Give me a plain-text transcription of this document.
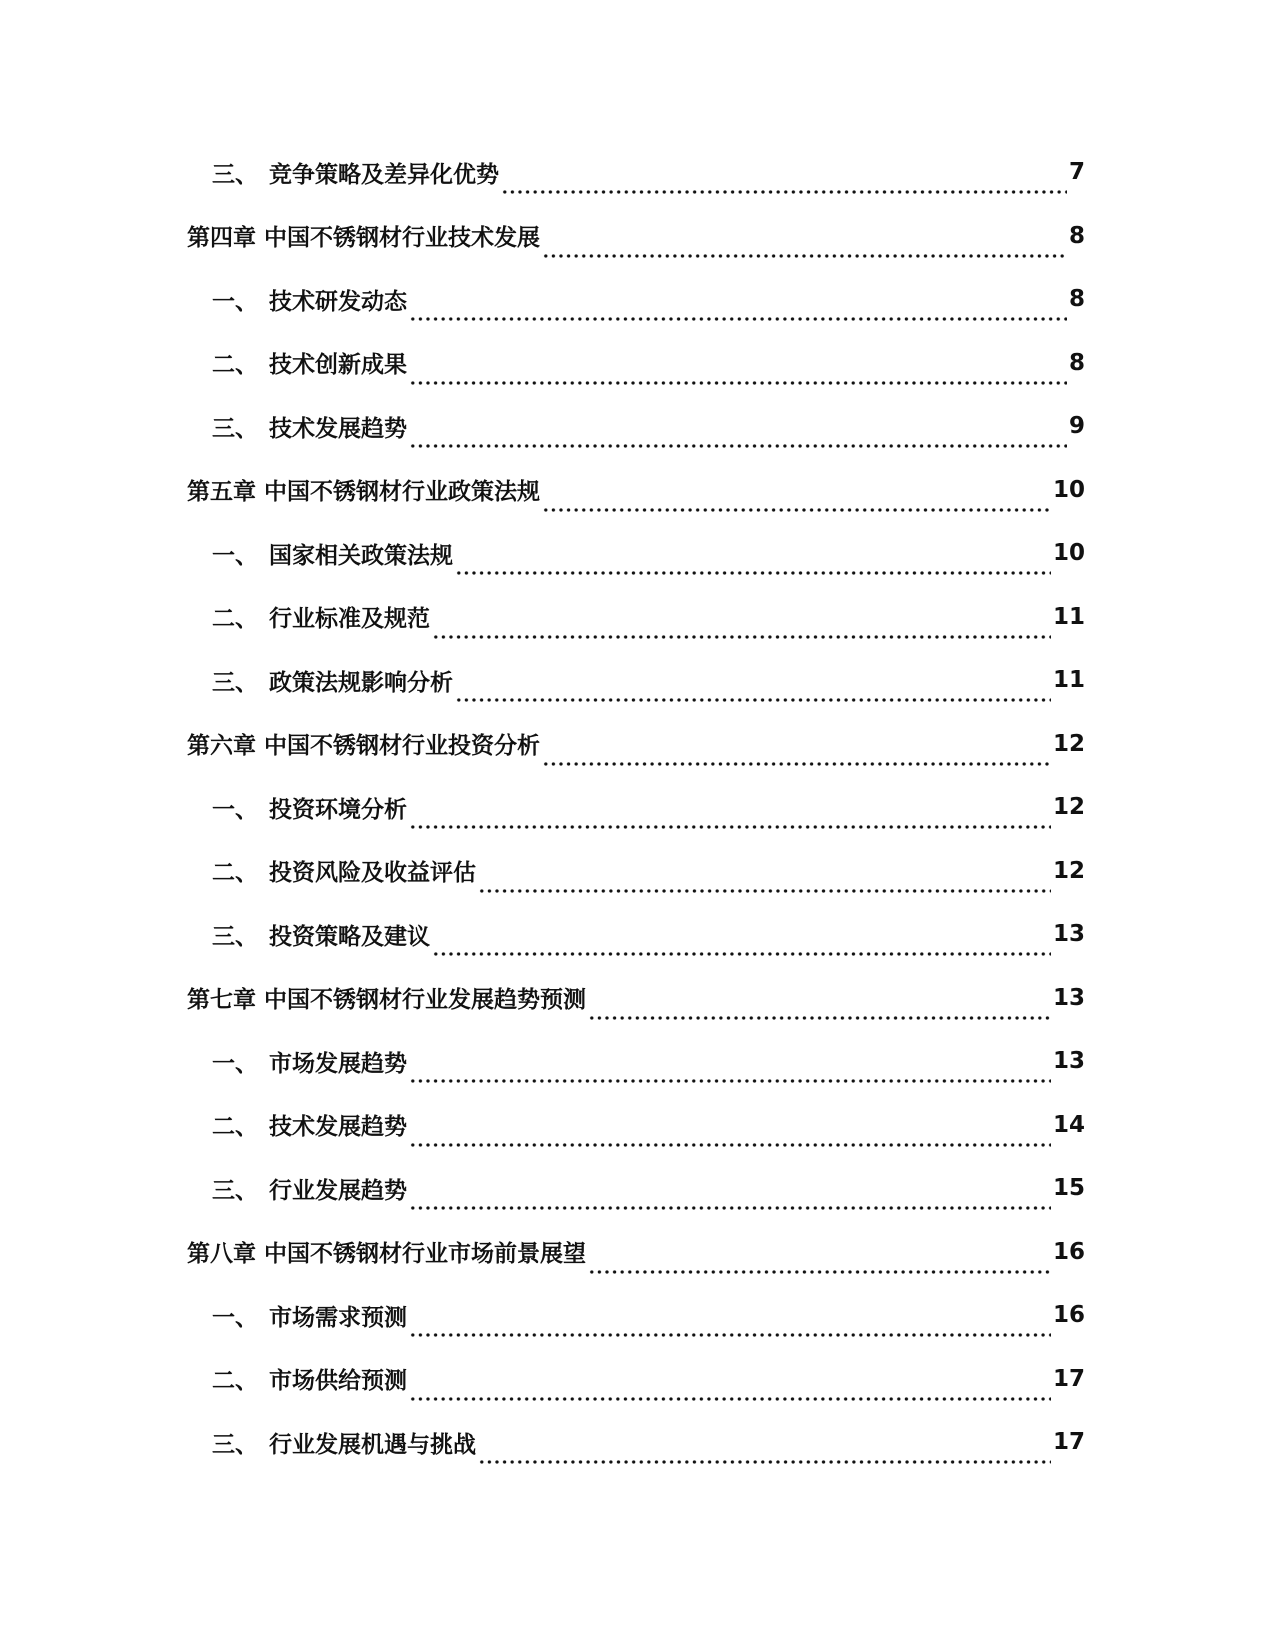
三、 竞争策略及差异化优势	7
第四章 中国不锈钢材行业技术发展	8
一、 技术研发动态	8
二、 技术创新成果	8
三、 技术发展趋势	9
第五章 中国不锈钢材行业政策法规	10
一、 国家相关政策法规	10
二、 行业标准及规范	11
三、 政策法规影响分析	11
第六章 中国不锈钢材行业投资分析	12
一、 投资环境分析	12
二、 投资风险及收益评估	12
三、 投资策略及建议	13
第七章 中国不锈钢材行业发展趋势预测	13
一、 市场发展趋势	13
二、 技术发展趋势	14
三、 行业发展趋势	15
第八章 中国不锈钢材行业市场前景展望	16
一、 市场需求预测	16
二、 市场供给预测	17
三、 行业发展机遇与挑战	17
